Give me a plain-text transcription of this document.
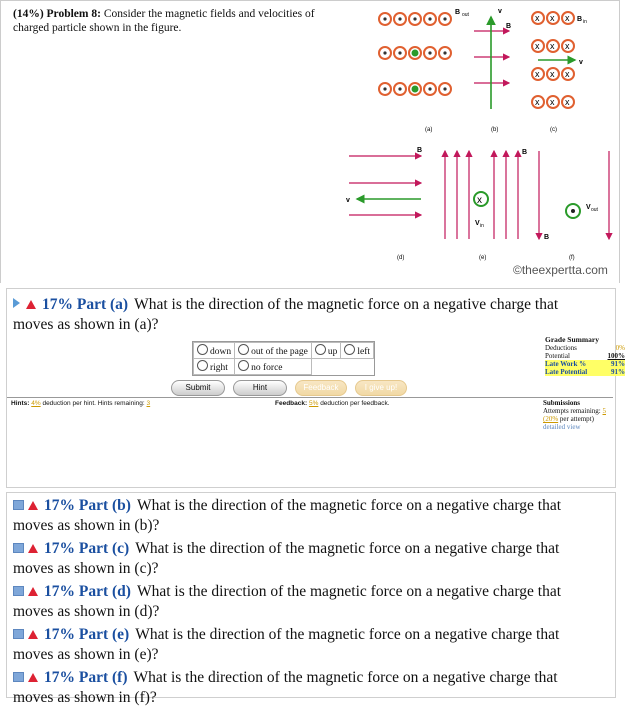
(14%) Problem 8: Consider the magnetic fields and velocities of charged particle shown in the figure.
B out	v
B
x x x B in
v
(a)	(b)	(c)
B
v	x
V in
B
V out
B
(d)	(e)	(f)
©theexpertta.com
17% Part (a) What is the direction of the magnetic force on a negative charge that
moves as shown in (a)?
down	out of the page	up	left
right	no force		
Submit	Hint	Feedback	I give up!
Grade Summary
Deductions	0%
Potential	100%
Late Work %	91%
Late Potential	91%
Hints: 4% deduction per hint. Hints remaining: 3	Feedback: 5% deduction per feedback.	Submissions
Attempts remaining: 5
(20% per attempt)
detailed view
17% Part (b) What is the direction of the magnetic force on a negative charge that
moves as shown in (b)?
17% Part (c) What is the direction of the magnetic force on a negative charge that
moves as shown in (c)?
17% Part (d) What is the direction of the magnetic force on a negative charge that
moves as shown in (d)?
17% Part (e) What is the direction of the magnetic force on a negative charge that
moves as shown in (e)?
17% Part (f) What is the direction of the magnetic force on a negative charge that
moves as shown in (f)?
